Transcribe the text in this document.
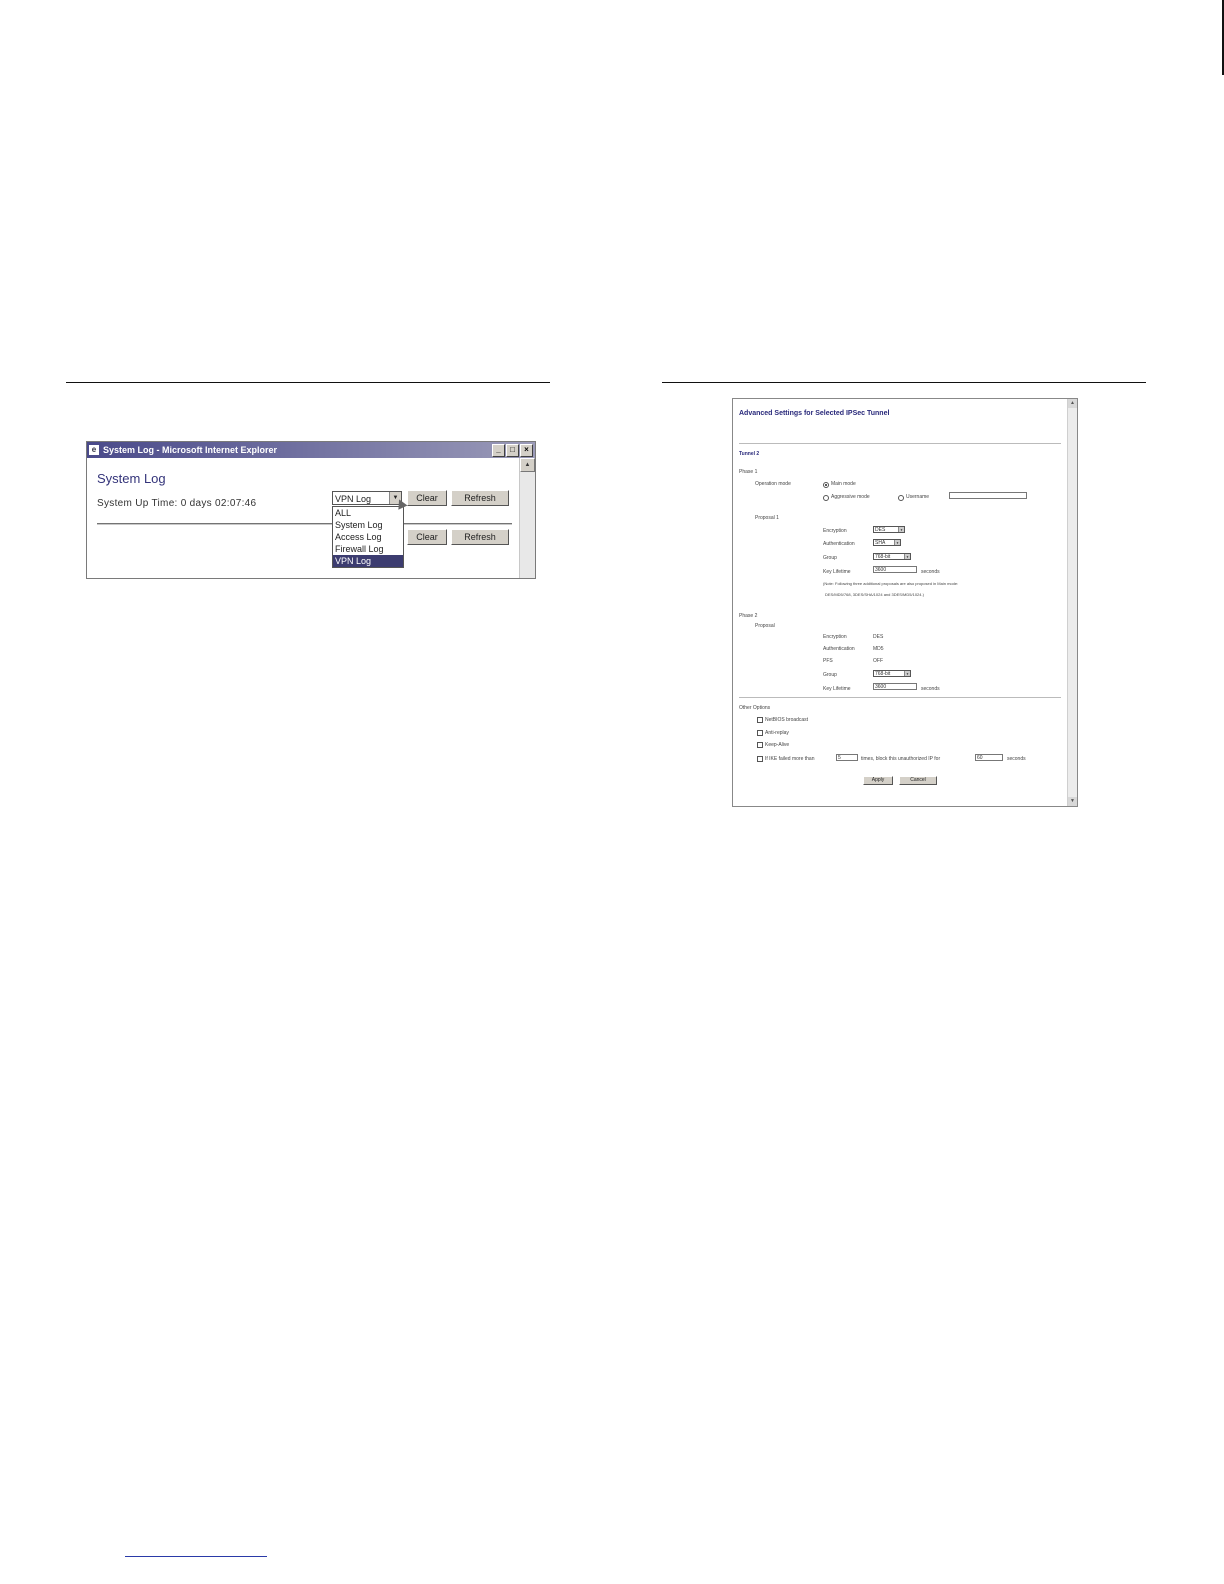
e System Log - Microsoft Internet Explorer	_	□	×
System Log
System Up Time: 0 days 02:07:46	VPN Log	▼
ALL
System Log
Access Log
Firewall Log
VPN Log
Clear	Refresh
Clear	Refresh
▲
Advanced Settings for Selected IPSec Tunnel
Tunnel 2
Phase 1
Operation mode	Main mode
Aggressive mode	Username
Proposal 1
Encryption	DES	▼
Authentication	SHA	▼
Group	768-bit	▼
Key Lifetime	3600	seconds
(Note: Following three additional proposals are also proposed in Main mode:
DES/MD5/768, 3DES/SHA/1024 and 3DES/MD5/1024.)
Phase 2
Proposal
Encryption	DES
Authentication	MD5
PFS	OFF
Group	768-bit	▼
Key Lifetime	3600	seconds
Other Options
NetBIOS broadcast
Anti-replay
Keep-Alive
If IKE failed more than	5	times, block this unauthorized IP for	60	seconds
Apply	Cancel
▲
▼
